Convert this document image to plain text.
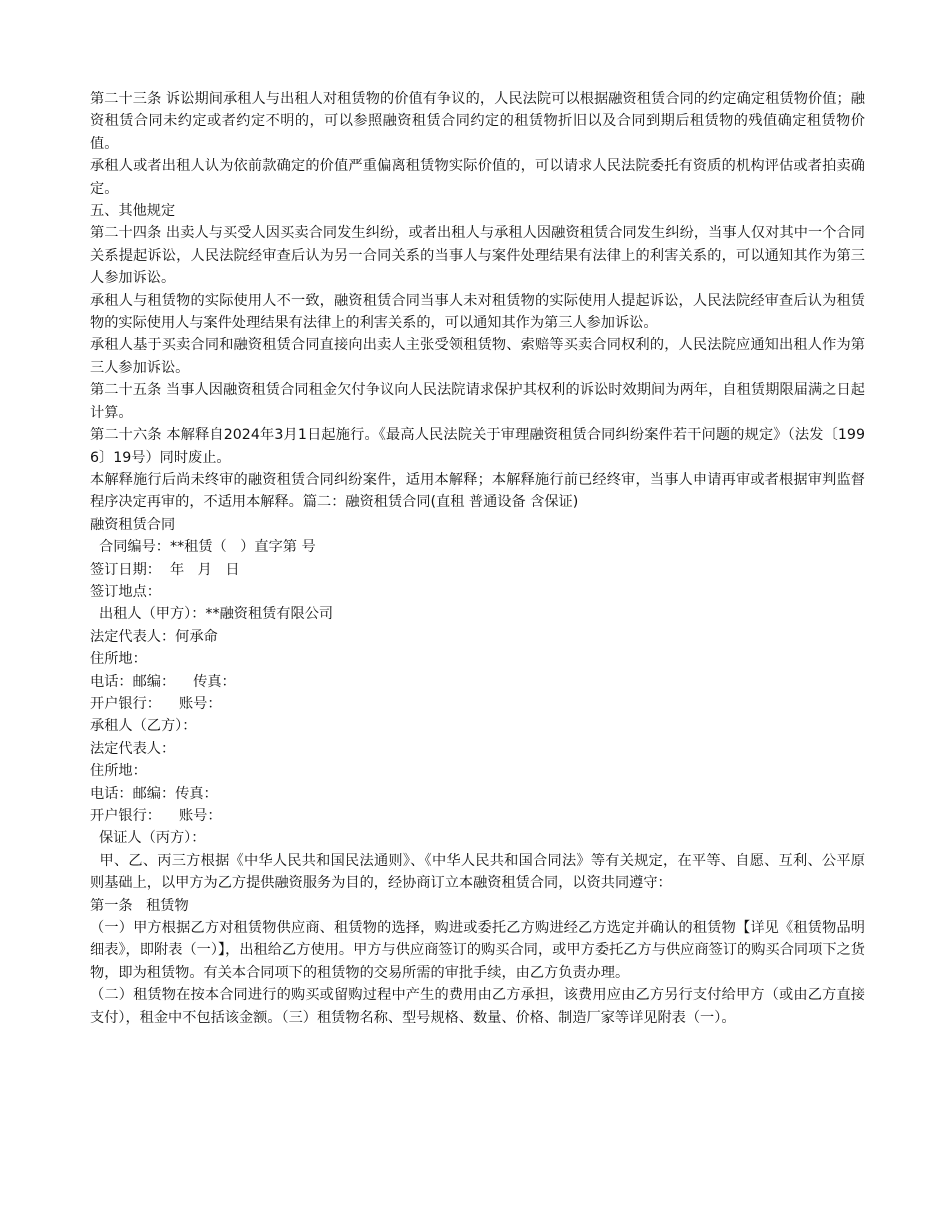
第二十三条 诉讼期间承租人与出租人对租赁物的价值有争议的，人民法院可以根据融资租赁合同的约定确定租赁物价值；融资租赁合同未约定或者约定不明的，可以参照融资租赁合同约定的租赁物折旧以及合同到期后租赁物的残值确定租赁物价值。

承租人或者出租人认为依前款确定的价值严重偏离租赁物实际价值的，可以请求人民法院委托有资质的机构评估或者拍卖确定。

五、其他规定

第二十四条 出卖人与买受人因买卖合同发生纠纷，或者出租人与承租人因融资租赁合同发生纠纷，当事人仅对其中一个合同关系提起诉讼，人民法院经审查后认为另一合同关系的当事人与案件处理结果有法律上的利害关系的，可以通知其作为第三人参加诉讼。

承租人与租赁物的实际使用人不一致，融资租赁合同当事人未对租赁物的实际使用人提起诉讼，人民法院经审查后认为租赁物的实际使用人与案件处理结果有法律上的利害关系的，可以通知其作为第三人参加诉讼。

承租人基于买卖合同和融资租赁合同直接向出卖人主张受领租赁物、索赔等买卖合同权利的，人民法院应通知出租人作为第三人参加诉讼。

第二十五条 当事人因融资租赁合同租金欠付争议向人民法院请求保护其权利的诉讼时效期间为两年，自租赁期限届满之日起计算。

第二十六条 本解释自2024年3月1日起施行。《最高人民法院关于审理融资租赁合同纠纷案件若干问题的规定》（法发〔1996〕19号）同时废止。

本解释施行后尚未终审的融资租赁合同纠纷案件，适用本解释；本解释施行前已经终审，当事人申请再审或者根据审判监督程序决定再审的，不适用本解释。篇二：融资租赁合同(直租 普通设备 含保证)

融资租赁合同

合同编号：**租赁（   ）直字第 号

签订日期：  年   月   日

签订地点：

出租人（甲方）：**融资租赁有限公司

法定代表人：何承命

住所地：

电话：邮编：    传真：

开户银行：    账号：

承租人（乙方）：

法定代表人：

住所地：

电话：邮编：传真：

开户银行：    账号：

保证人（丙方）：

甲、乙、丙三方根据《中华人民共和国民法通则》、《中华人民共和国合同法》等有关规定，在平等、自愿、互利、公平原则基础上，以甲方为乙方提供融资服务为目的，经协商订立本融资租赁合同，以资共同遵守：

第一条   租赁物

（一）甲方根据乙方对租赁物供应商、租赁物的选择，购进或委托乙方购进经乙方选定并确认的租赁物【详见《租赁物品明细表》，即附表（一）】，出租给乙方使用。甲方与供应商签订的购买合同，或甲方委托乙方与供应商签订的购买合同项下之货物，即为租赁物。有关本合同项下的租赁物的交易所需的审批手续，由乙方负责办理。

（二）租赁物在按本合同进行的购买或留购过程中产生的费用由乙方承担，该费用应由乙方另行支付给甲方（或由乙方直接支付），租金中不包括该金额。（三）租赁物名称、型号规格、数量、价格、制造厂家等详见附表（一）。
